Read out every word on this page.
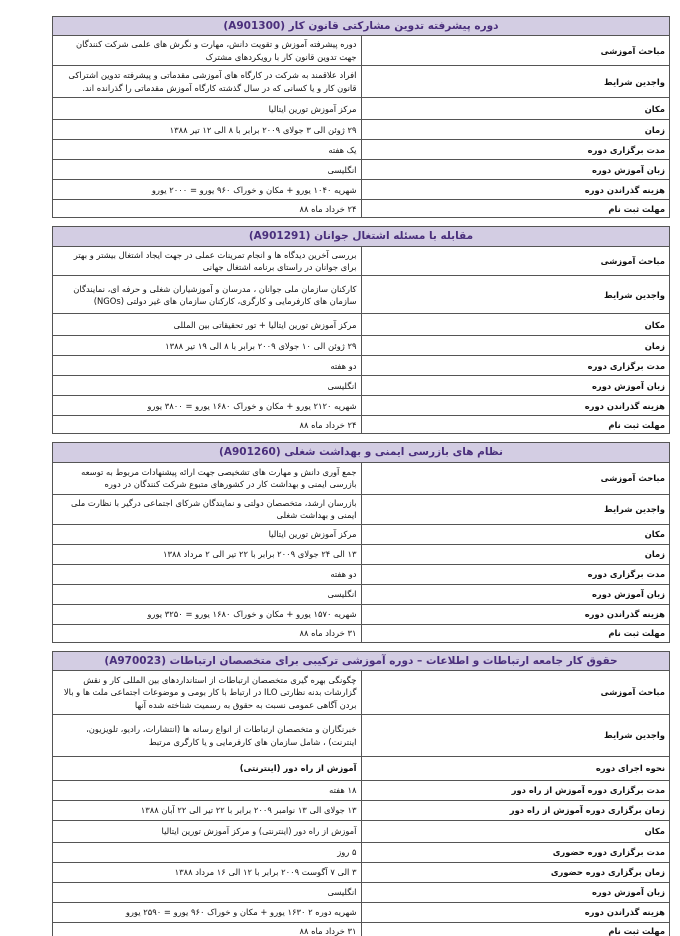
دوره پیشرفته تدوین مشارکتی قانون کار (A901300)	
مباحث آموزشی	دوره پیشرفته آموزش و تقویت دانش، مهارت و نگرش های علمی شرکت کنندگان جهت تدوین قانون کار با رویکردهای مشترک
واجدین شرایط	افراد علاقمند به شرکت در کارگاه های آموزشی مقدماتی و پیشرفته تدوین اشتراکی قانون کار و یا کسانی که در سال گذشته کارگاه آموزش مقدماتی را گذرانده اند.
مکان	مرکز آموزش تورین ایتالیا
زمان	۲۹ ژوئن الی ۳ جولای ۲۰۰۹ برابر با ۸ الی ۱۲ تیر ۱۳۸۸
مدت برگزاری دوره	یک هفته
زبان آموزش دوره	انگلیسی
هزینه گذراندن دوره	شهریه ۱۰۴۰ یورو + مکان و خوراک ۹۶۰ یورو = ۲۰۰۰ یورو
مهلت ثبت نام	۲۴ خرداد ماه ۸۸
مقابله با مسئله اشتغال جوانان (A901291)	
مباحث آموزشی	بررسی آخرین دیدگاه ها و انجام تمرینات عملی در جهت ایجاد اشتغال بیشتر و بهتر برای جوانان در راستای برنامه اشتغال جهانی
واجدین شرایط	کارکنان سازمان ملی جوانان ، مدرسان و آموزشیاران شغلی و حرفه ای، نمایندگان سازمان های کارفرمایی و کارگری، کارکنان سازمان های غیر دولتی (NGOs)
مکان	مرکز آموزش تورین ایتالیا + تور تحقیقاتی بین المللی
زمان	۲۹ ژوئن الی ۱۰ جولای ۲۰۰۹ برابر با ۸ الی ۱۹ تیر ۱۳۸۸
مدت برگزاری دوره	دو هفته
زبان آموزش دوره	انگلیسی
هزینه گذراندن دوره	شهریه ۲۱۲۰ یورو + مکان و خوراک ۱۶۸۰ یورو = ۳۸۰۰ یورو
مهلت ثبت نام	۲۴ خرداد ماه ۸۸
نظام های بازرسی ایمنی و بهداشت شغلی (A901260)	
مباحث آموزشی	جمع آوری دانش و مهارت های تشخیصی جهت ارائه پیشنهادات مربوط به توسعه بازرسی ایمنی و بهداشت کار در کشورهای متبوع شرکت کنندگان در دوره
واجدین شرایط	بازرسان ارشد، متخصصان دولتی و نمایندگان شرکای اجتماعی درگیر با نظارت ملی ایمنی و بهداشت شغلی
مکان	مرکز آموزش تورین ایتالیا
زمان	۱۳ الی ۲۴ جولای ۲۰۰۹ برابر با ۲۲ تیر الی ۲ مرداد ۱۳۸۸
مدت برگزاری دوره	دو هفته
زبان آموزش دوره	انگلیسی
هزینه گذراندن دوره	شهریه ۱۵۷۰ یورو + مکان و خوراک ۱۶۸۰ یورو = ۳۲۵۰ یورو
مهلت ثبت نام	۳۱ خرداد ماه ۸۸
حقوق کار جامعه ارتباطات و اطلاعات – دوره آموزشی ترکیبی برای متخصصان ارتباطات (A970023)	
مباحث آموزشی	چگونگی بهره گیری متخصصان ارتباطات از استانداردهای بین المللی کار و نقش گزارشات بدنه نظارتی ILO در ارتباط با کار بومی و موضوعات اجتماعی ملت ها و بالا بردن آگاهی عمومی نسبت به حقوق به رسمیت شناخته شده آنها
واجدین شرایط	خبرنگاران و متخصصان ارتباطات از انواع رسانه ها (انتشارات، رادیو، تلویزیون، اینترنت) ، شامل سازمان های کارفرمایی و یا کارگری مرتبط
نحوه اجرای دوره	آموزش از راه دور (اینترنتی)
مدت برگزاری دوره آموزش از راه دور	۱۸ هفته
زمان برگزاری دوره آموزش از راه دور	۱۳ جولای الی ۱۳ نوامبر ۲۰۰۹ برابر با ۲۲ تیر الی ۲۲ آبان ۱۳۸۸
مکان	آموزش از راه دور (اینترنتی) و مرکز آموزش تورین ایتالیا
مدت برگزاری دوره حضوری	۵ روز
زمان برگزاری دوره حضوری	۳ الی ۷ آگوست ۲۰۰۹ برابر با ۱۲ الی ۱۶ مرداد ۱۳۸۸
زبان آموزش دوره	انگلیسی
هزینه گذراندن دوره	شهریه دوره ۲ ۱۶۳۰ یورو + مکان و خوراک ۹۶۰ یورو = ۲۵۹۰ یورو
مهلت ثبت نام	۳۱ خرداد ماه ۸۸
